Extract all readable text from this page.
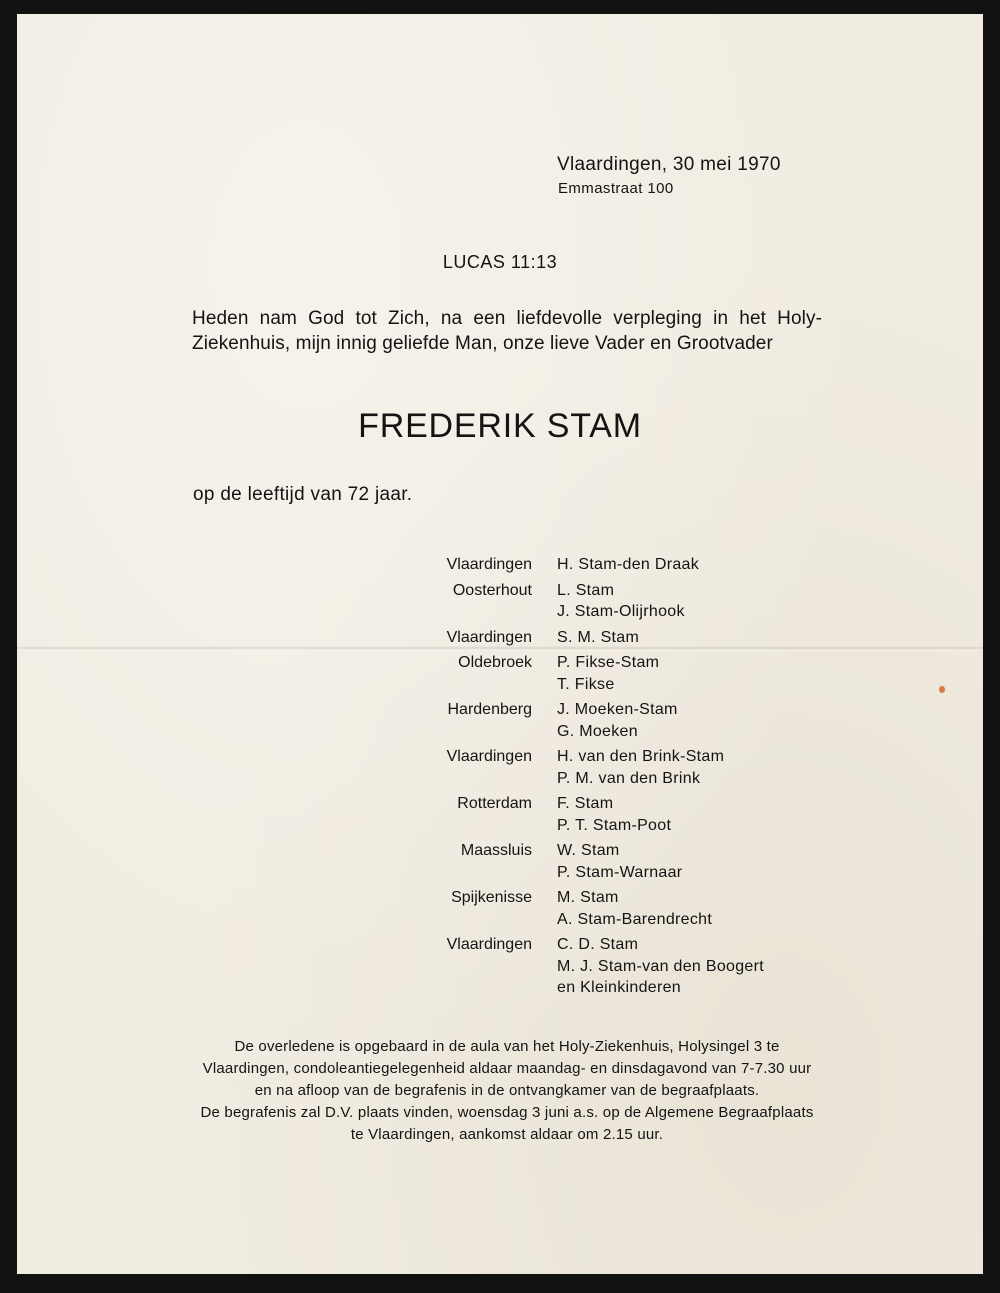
Vlaardingen, 30 mei 1970
Emmastraat 100
LUCAS 11:13
Heden nam God tot Zich, na een liefdevolle verpleging in het Holy-Ziekenhuis, mijn innig geliefde Man, onze lieve Vader en Grootvader
FREDERIK STAM
op de leeftijd van 72 jaar.
Vlaardingen	H. Stam-den Draak
Oosterhout	L. Stam
J. Stam-Olijrhook
Vlaardingen	S. M. Stam
Oldebroek	P. Fikse-Stam
T. Fikse
Hardenberg	J. Moeken-Stam
G. Moeken
Vlaardingen	H. van den Brink-Stam
P. M. van den Brink
Rotterdam	F. Stam
P. T. Stam-Poot
Maassluis	W. Stam
P. Stam-Warnaar
Spijkenisse	M. Stam
A. Stam-Barendrecht
Vlaardingen	C. D. Stam
M. J. Stam-van den Boogert
en Kleinkinderen

De overledene is opgebaard in de aula van het Holy-Ziekenhuis, Holysingel 3 te Vlaardingen, condoleantiegelegenheid aldaar maandag- en dinsdagavond van 7-7.30 uur en na afloop van de begrafenis in de ontvangkamer van de begraafplaats.

De begrafenis zal D.V. plaats vinden, woensdag 3 juni a.s. op de Algemene Begraafplaats te Vlaardingen, aankomst aldaar om 2.15 uur.
